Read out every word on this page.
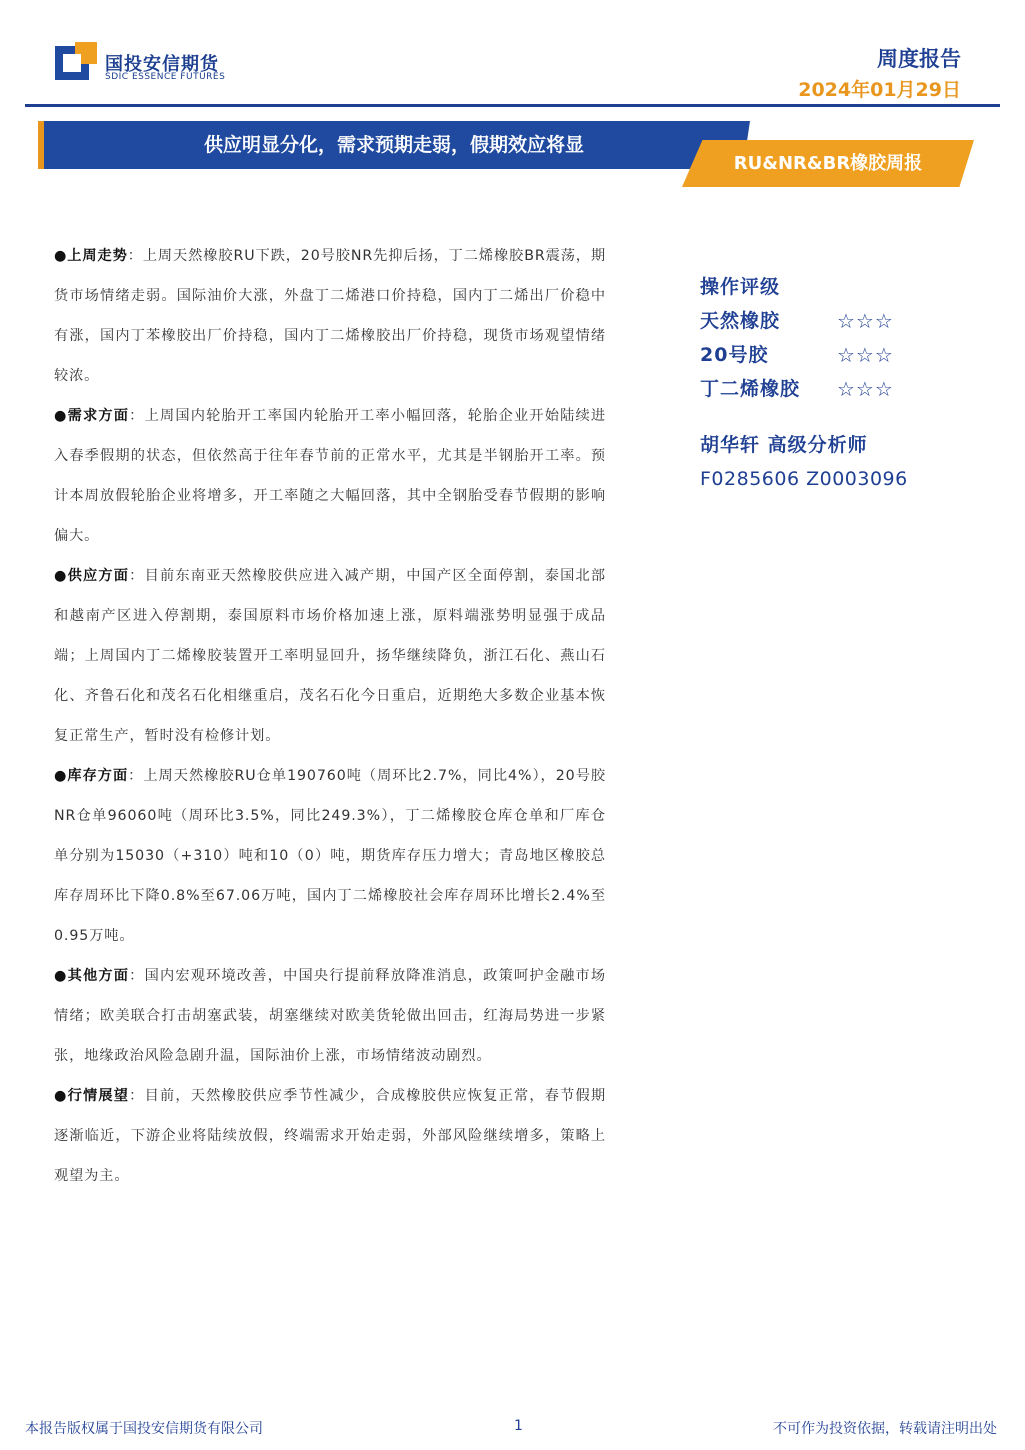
国投安信期货
SDIC ESSENCE FUTURES
周度报告
2024年01月29日
供应明显分化，需求预期走弱，假期效应将显
RU&NR&BR橡胶周报

●上周走势：上周天然橡胶RU下跌，20号胶NR先抑后扬，丁二烯橡胶BR震荡，期货市场情绪走弱。国际油价大涨，外盘丁二烯港口价持稳，国内丁二烯出厂价稳中有涨，国内丁苯橡胶出厂价持稳，国内丁二烯橡胶出厂价持稳，现货市场观望情绪较浓。

●需求方面：上周国内轮胎开工率国内轮胎开工率小幅回落，轮胎企业开始陆续进入春季假期的状态，但依然高于往年春节前的正常水平，尤其是半钢胎开工率。预计本周放假轮胎企业将增多，开工率随之大幅回落，其中全钢胎受春节假期的影响偏大。

●供应方面：目前东南亚天然橡胶供应进入减产期，中国产区全面停割，泰国北部和越南产区进入停割期，泰国原料市场价格加速上涨，原料端涨势明显强于成品端；上周国内丁二烯橡胶装置开工率明显回升，扬华继续降负，浙江石化、燕山石化、齐鲁石化和茂名石化相继重启，茂名石化今日重启，近期绝大多数企业基本恢复正常生产，暂时没有检修计划。

●库存方面：上周天然橡胶RU仓单190760吨（周环比2.7%，同比4%），20号胶NR仓单96060吨（周环比3.5%，同比249.3%），丁二烯橡胶仓库仓单和厂库仓单分别为15030（+310）吨和10（0）吨，期货库存压力增大；青岛地区橡胶总库存周环比下降0.8%至67.06万吨，国内丁二烯橡胶社会库存周环比增长2.4%至0.95万吨。

●其他方面：国内宏观环境改善，中国央行提前释放降准消息，政策呵护金融市场情绪；欧美联合打击胡塞武装，胡塞继续对欧美货轮做出回击，红海局势进一步紧张，地缘政治风险急剧升温，国际油价上涨，市场情绪波动剧烈。

●行情展望：目前，天然橡胶供应季节性减少，合成橡胶供应恢复正常，春节假期逐渐临近，下游企业将陆续放假，终端需求开始走弱，外部风险继续增多，策略上观望为主。

操作评级
天然橡胶	☆☆☆
20号胶	☆☆☆
丁二烯橡胶 ☆☆☆
胡华轩 高级分析师
F0285606 Z0003096
本报告版权属于国投安信期货有限公司	1	不可作为投资依据，转载请注明出处
